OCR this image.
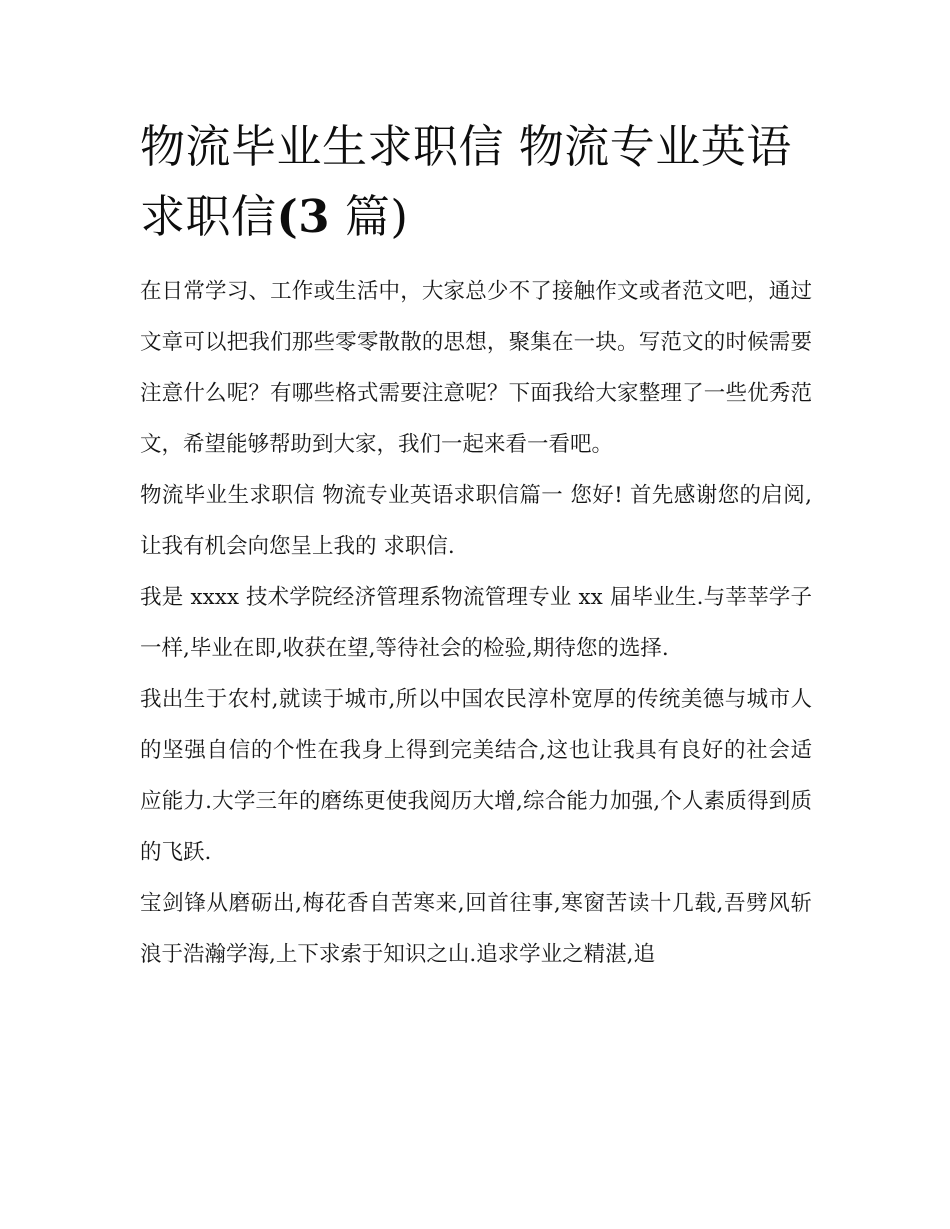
物流毕业生求职信 物流专业英语求职信(3 篇)

在日常学习、工作或生活中，大家总少不了接触作文或者范文吧，通过文章可以把我们那些零零散散的思想，聚集在一块。写范文的时候需要注意什么呢？有哪些格式需要注意呢？下面我给大家整理了一些优秀范文，希望能够帮助到大家，我们一起来看一看吧。

物流毕业生求职信 物流专业英语求职信篇一 您好! 首先感谢您的启阅,让我有机会向您呈上我的 求职信.

我是 xxxx 技术学院经济管理系物流管理专业 xx 届毕业生.与莘莘学子一样,毕业在即,收获在望,等待社会的检验,期待您的选择.

我出生于农村,就读于城市,所以中国农民淳朴宽厚的传统美德与城市人的坚强自信的个性在我身上得到完美结合,这也让我具有良好的社会适应能力.大学三年的磨练更使我阅历大增,综合能力加强,个人素质得到质的飞跃.

宝剑锋从磨砺出,梅花香自苦寒来,回首往事,寒窗苦读十几载,吾劈风斩浪于浩瀚学海,上下求索于知识之山.追求学业之精湛,追
